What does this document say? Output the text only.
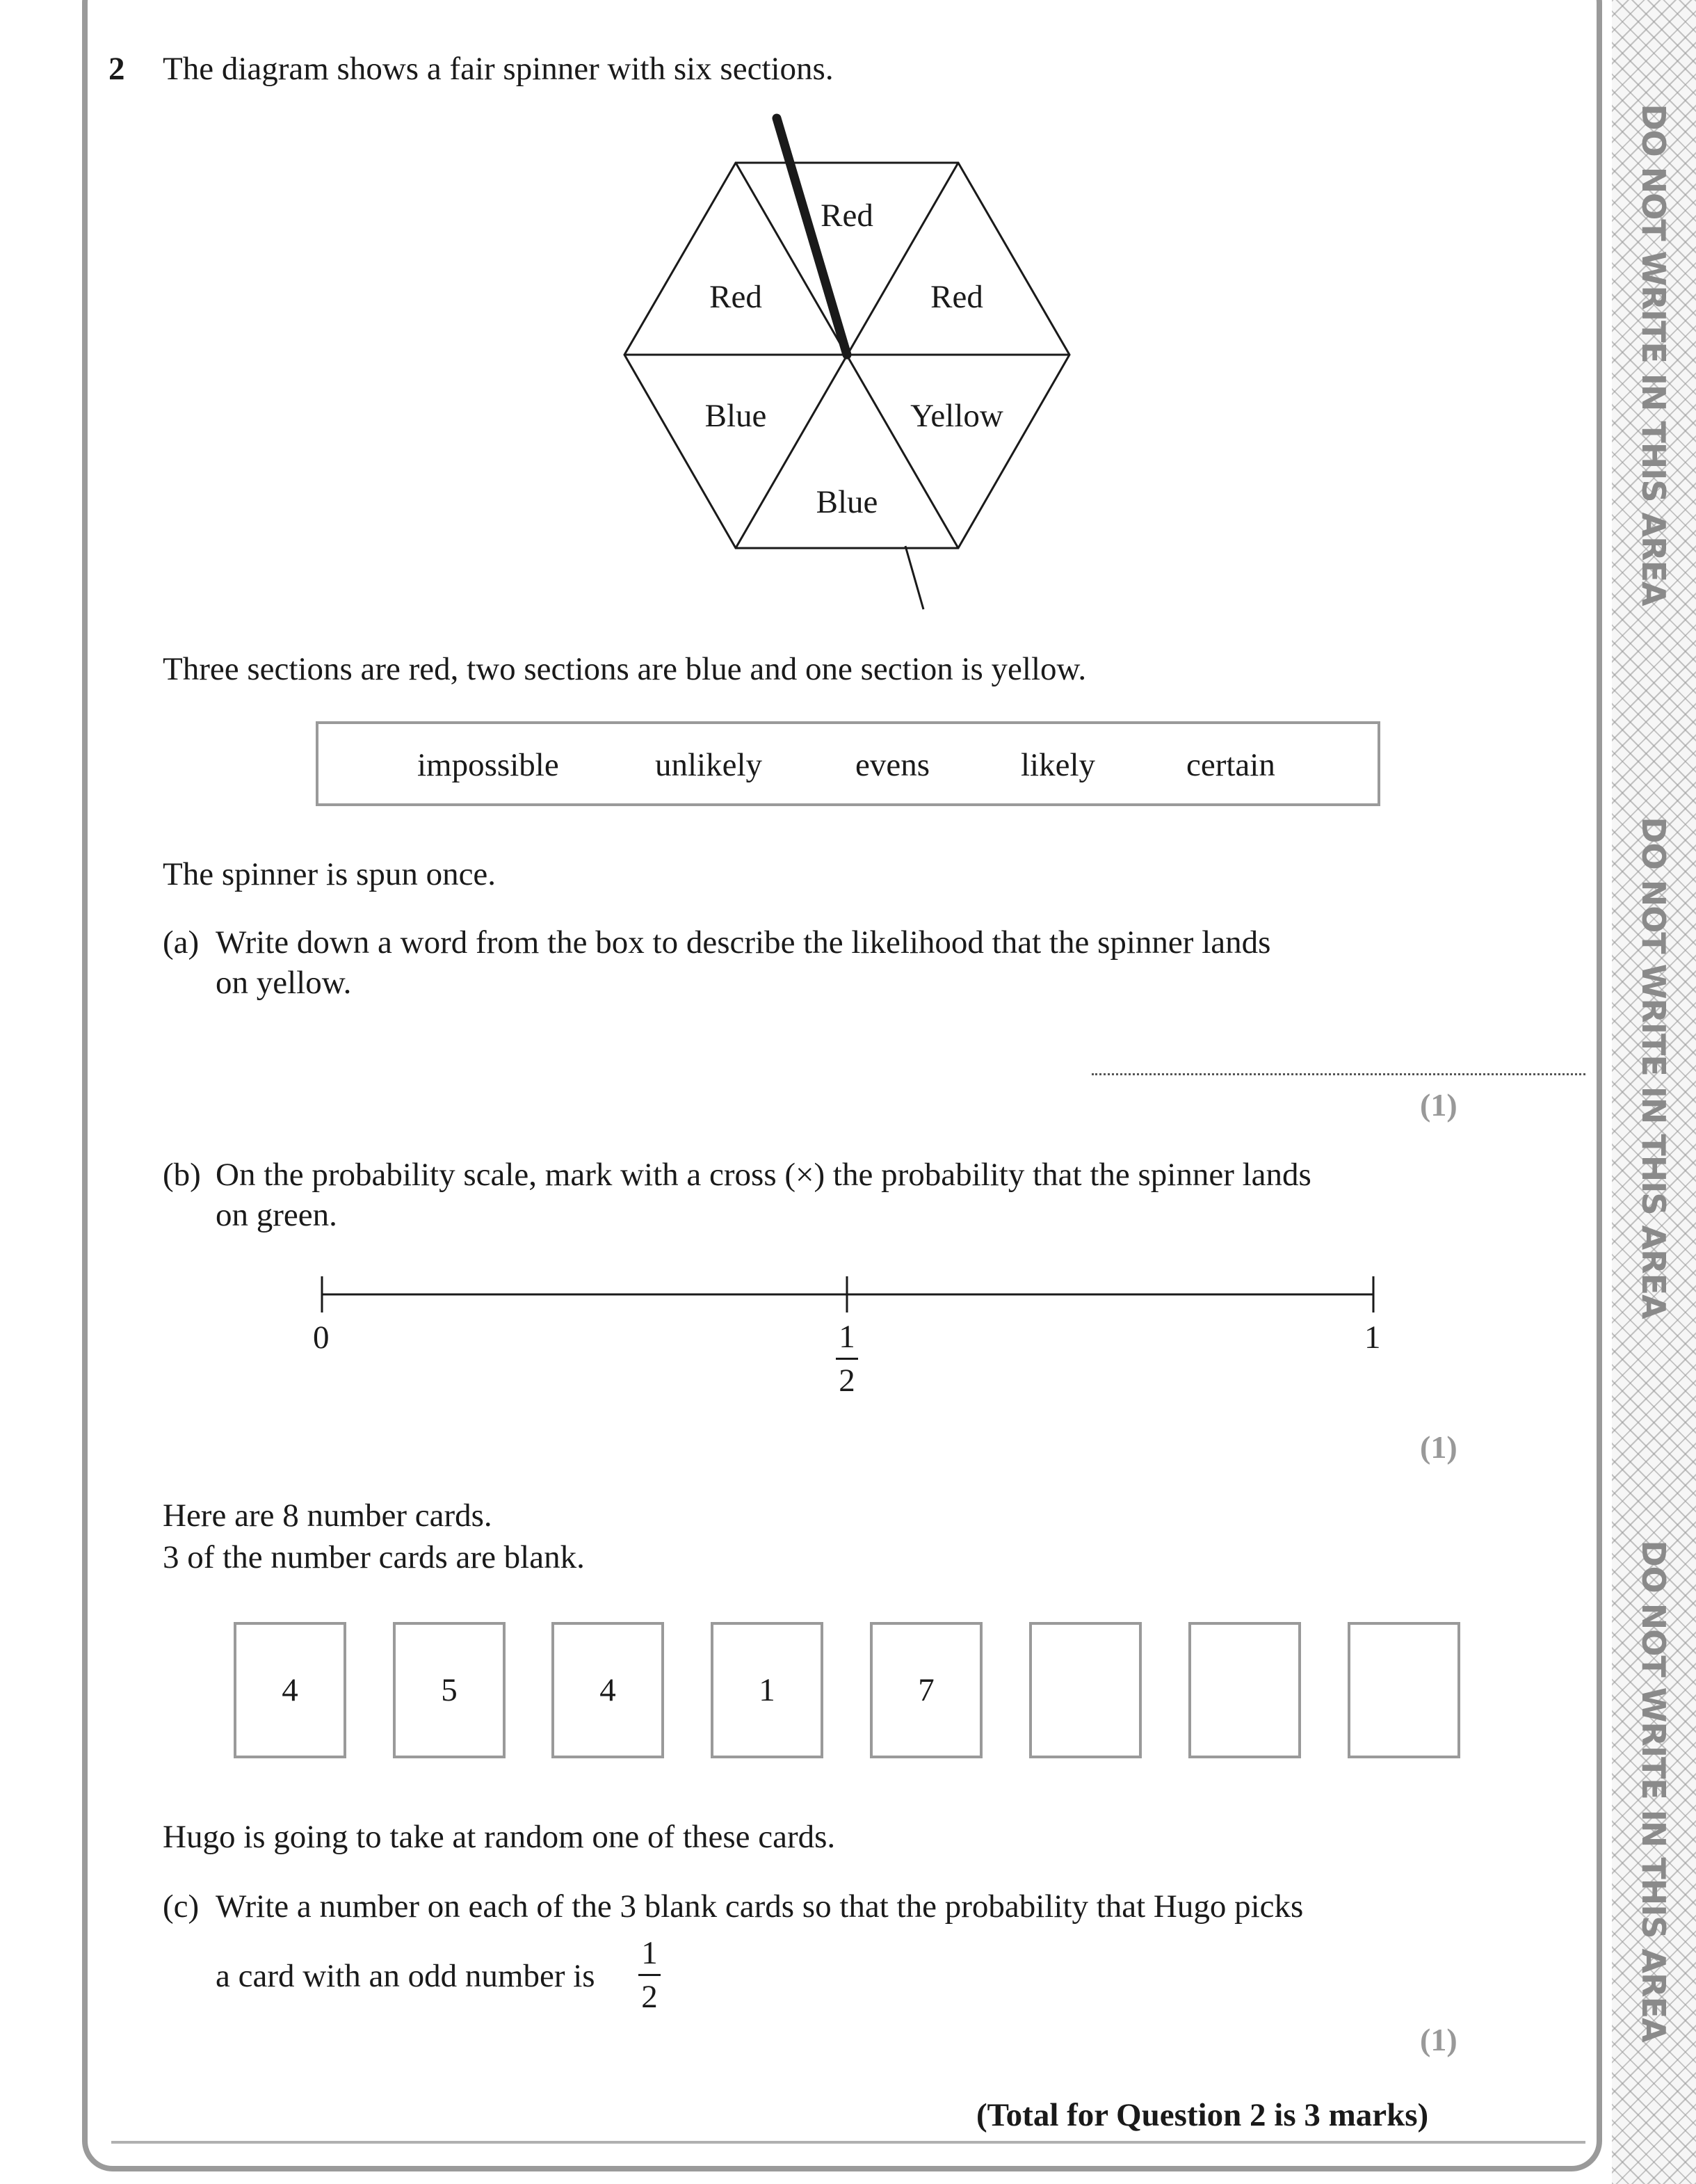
DO NOT WRITE IN THIS AREA
DO NOT WRITE IN THIS AREA
DO NOT WRITE IN THIS AREA
2 The diagram shows a fair spinner with six sections.
Red
Red	Red
Blue	Yellow
Blue
Three sections are red, two sections are blue and one section is yellow.
impossible	unlikely	evens	likely	certain
The spinner is spun once.
(a) Write down a word from the box to describe the likelihood that the spinner lands
on yellow.
(1)
(b) On the probability scale, mark with a cross (×) the probability that the spinner lands
on green.
0	1
2
1
(1)
Here are 8 number cards.
3 of the number cards are blank.
4	5	4	1	7
Hugo is going to take at random one of these cards.
(c) Write a number on each of the 3 blank cards so that the probability that Hugo picks
a card with an odd number is
1
2
(1)
(Total for Question 2 is 3 marks)
